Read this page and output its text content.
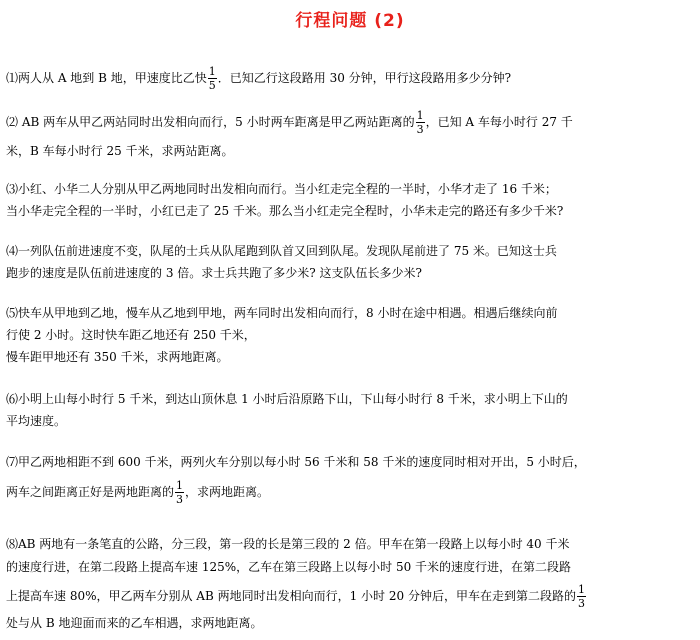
行程问题 (2)
⑴两人从 A 地到 B 地，甲速度比乙快 $\frac{1}{5}$ ．已知乙行这段路用 30 分钟，甲行这段路用多少分钟?
⑵ AB 两车从甲乙两站同时出发相向而行，5 小时两车距离是甲乙两站距离的 $\frac{1}{3}$ ，已知 A 车每小时行 27 千
米，B 车每小时行 25 千米，求两站距离。
⑶小红、小华二人分别从甲乙两地同时出发相向而行。当小红走完全程的一半时，小华才走了 16 千米；
当小华走完全程的一半时，小红已走了 25 千米。那么当小红走完全程时，小华未走完的路还有多少千米?
⑷一列队伍前进速度不变，队尾的士兵从队尾跑到队首又回到队尾。发现队尾前进了 75 米。已知这士兵
跑步的速度是队伍前进速度的 3 倍。求士兵共跑了多少米? 这支队伍长多少米?
⑸快车从甲地到乙地，慢车从乙地到甲地，两车同时出发相向而行，8 小时在途中相遇。相遇后继续向前
行使 2 小时。这时快车距乙地还有 250 千米，
慢车距甲地还有 350 千米，求两地距离。
⑹小明上山每小时行 5 千米，到达山顶休息 1 小时后沿原路下山，下山每小时行 8 千米，求小明上下山的
平均速度。
⑺甲乙两地相距不到 600 千米，两列火车分别以每小时 56 千米和 58 千米的速度同时相对开出，5 小时后，
两车之间距离正好是两地距离的 $\frac{1}{3}$ ，求两地距离。
⑻AB 两地有一条笔直的公路，分三段，第一段的长是第三段的 2 倍。甲车在第一段路上以每小时 40 千米
的速度行进，在第二段路上提高车速 125%，乙车在第三段路上以每小时 50 千米的速度行进，在第二段路
上提高车速 80%，甲乙两车分别从 AB 两地同时出发相向而行，1 小时 20 分钟后，甲车在走到第二段路的 $\frac{1}{3}$
处与从 B 地迎面而来的乙车相遇，求两地距离。
